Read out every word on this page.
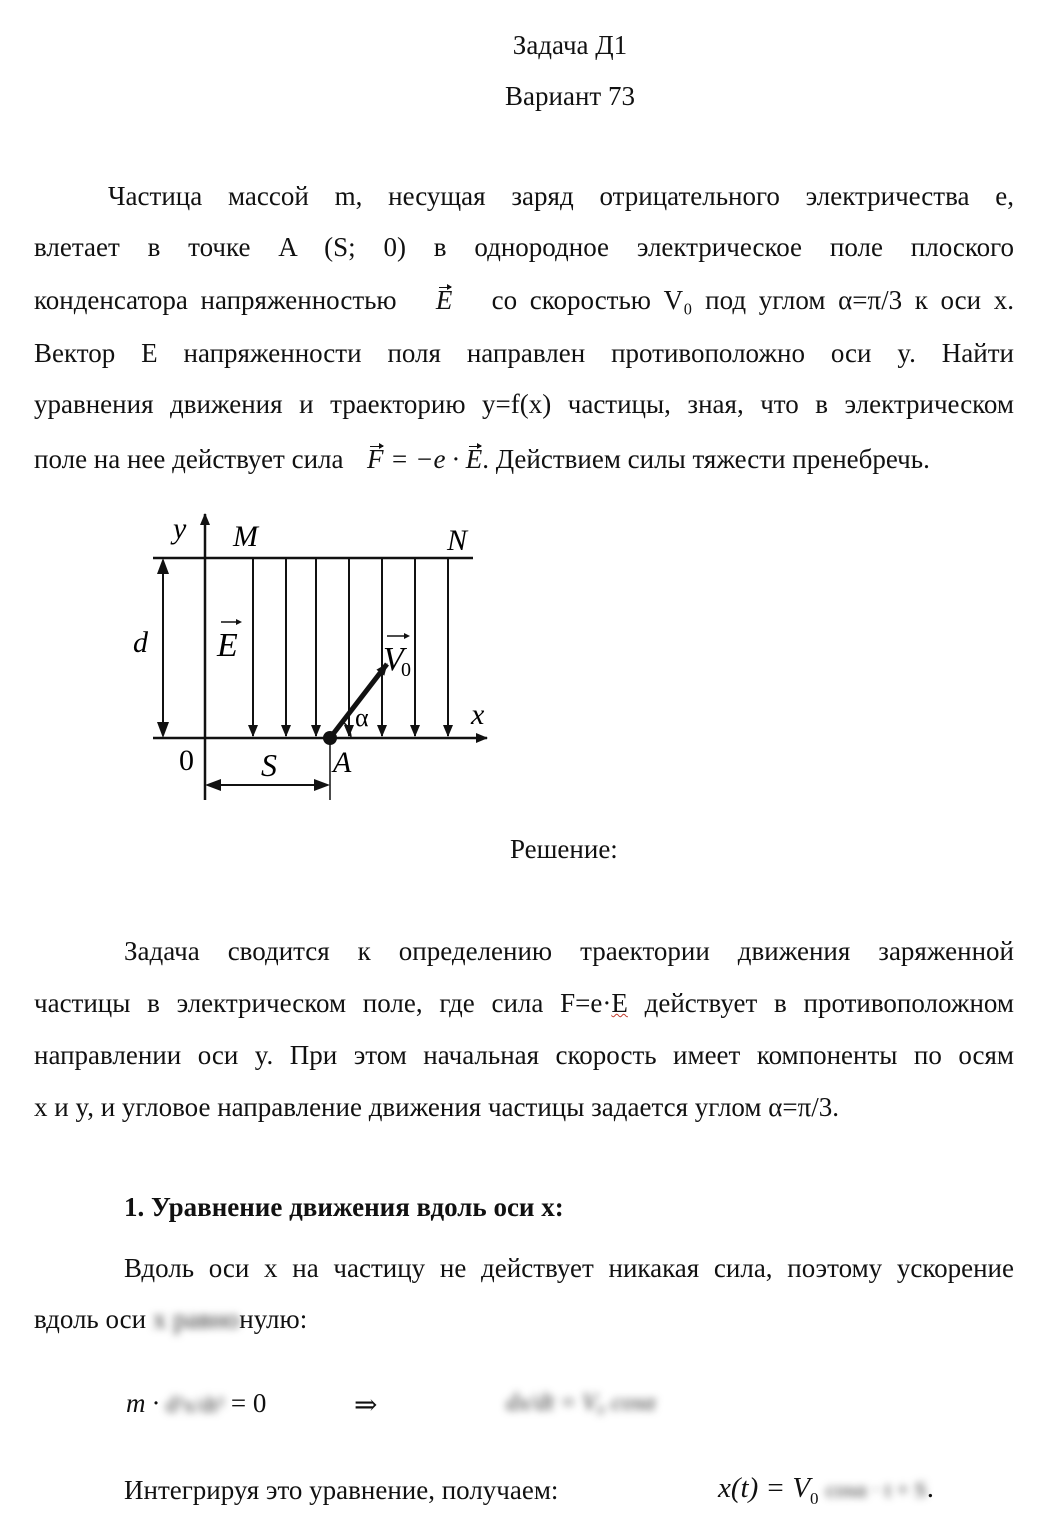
Задача Д1
Вариант 73
Частица массой m, несущая заряд отрицательного электричества e,
влетает в точке A (S; 0) в однородное электрическое поле плоского
конденсатора напряженностью E со скоростью V₀ под углом α=π/3 к оси x.
Вектор E напряженности поля направлен противоположно оси y. Найти
уравнения движения и траекторию y=f(x) частицы, зная, что в электрическом
поле на нее действует сила F = −e · E. Действием силы тяжести пренебречь.
y M	N
d E	V
0
α	x
0 S A
Решение:
Задача сводится к определению траектории движения заряженной
частицы в электрическом поле, где сила F=e·E действует в противоположном
направлении оси y. При этом начальная скорость имеет компоненты по осям
x и y, и угловое направление движения частицы задается углом α=π/3.
1. Уравнение движения вдоль оси x:
Вдоль оси x на частицу не действует никакая сила, поэтому ускорение
вдоль оси x равнонулю:
m · d²x/dt² = 0	⇒	dx/dt = V₀ cosα
Интегрируя это уравнение, получаем:	$x(t) = V_0$ cosα · t + S.
